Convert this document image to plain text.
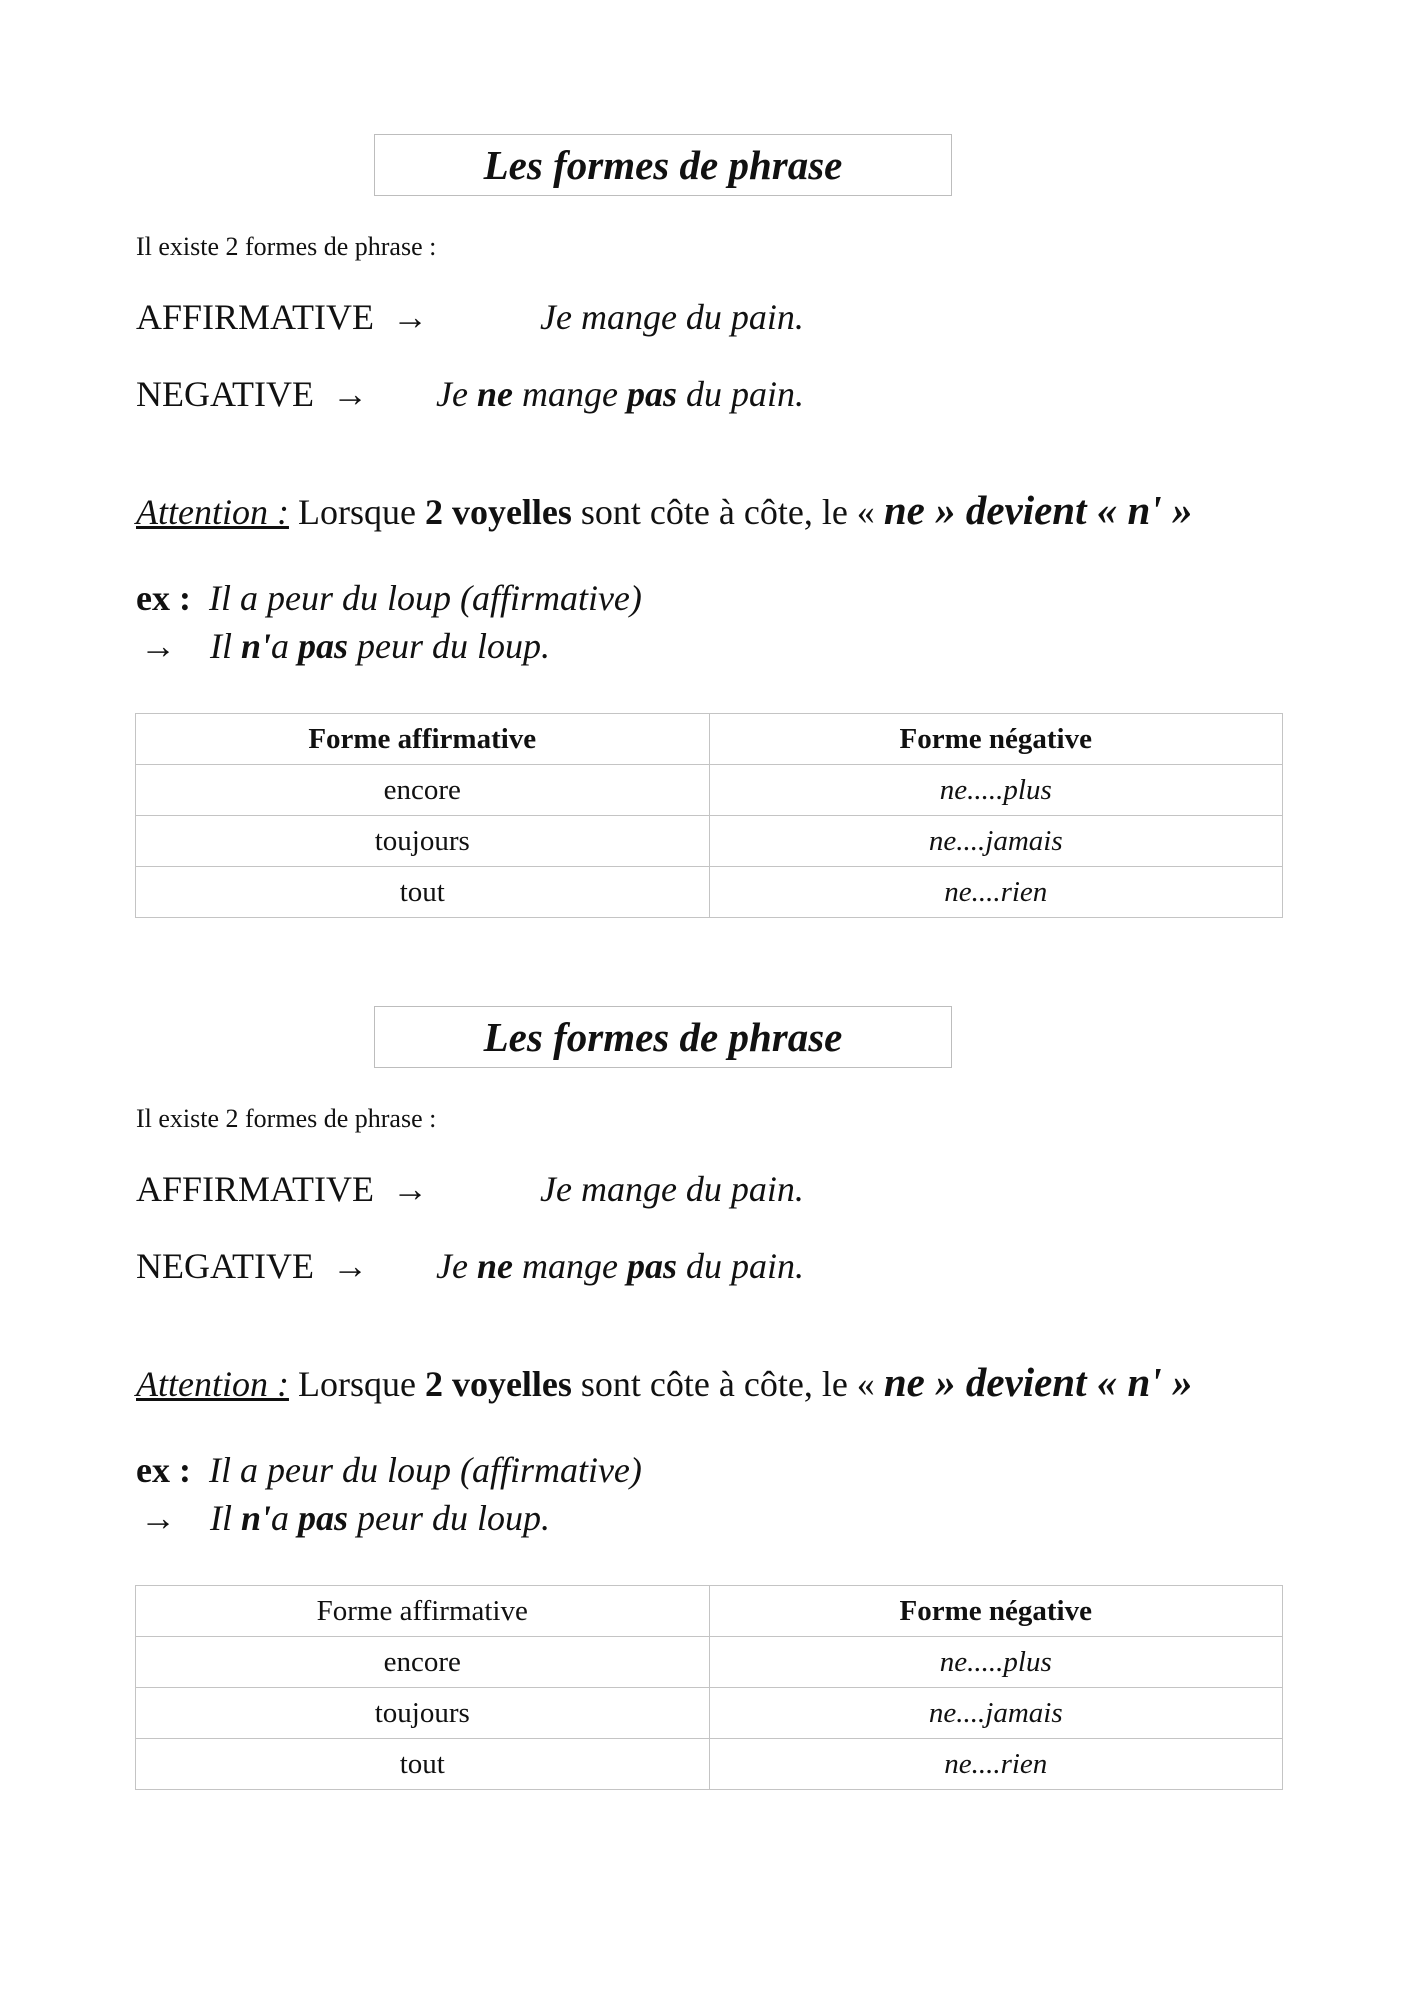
Les formes de phrase
Il existe 2 formes de phrase :
AFFIRMATIVE →	Je mange du pain.
NEGATIVE → Je ne mange pas du pain.
Attention : Lorsque 2 voyelles sont côte à côte, le « ne » devient « n' »
ex : Il a peur du loup (affirmative)
→ Il n'a pas peur du loup.
Forme affirmative	Forme négative
encore	ne.....plus
toujours	ne....jamais
tout	ne....rien
Les formes de phrase
Il existe 2 formes de phrase :
AFFIRMATIVE →	Je mange du pain.
NEGATIVE → Je ne mange pas du pain.
Attention : Lorsque 2 voyelles sont côte à côte, le « ne » devient « n' »
ex : Il a peur du loup (affirmative)
→ Il n'a pas peur du loup.
Forme affirmative	Forme négative
encore	ne.....plus
toujours	ne....jamais
tout	ne....rien
